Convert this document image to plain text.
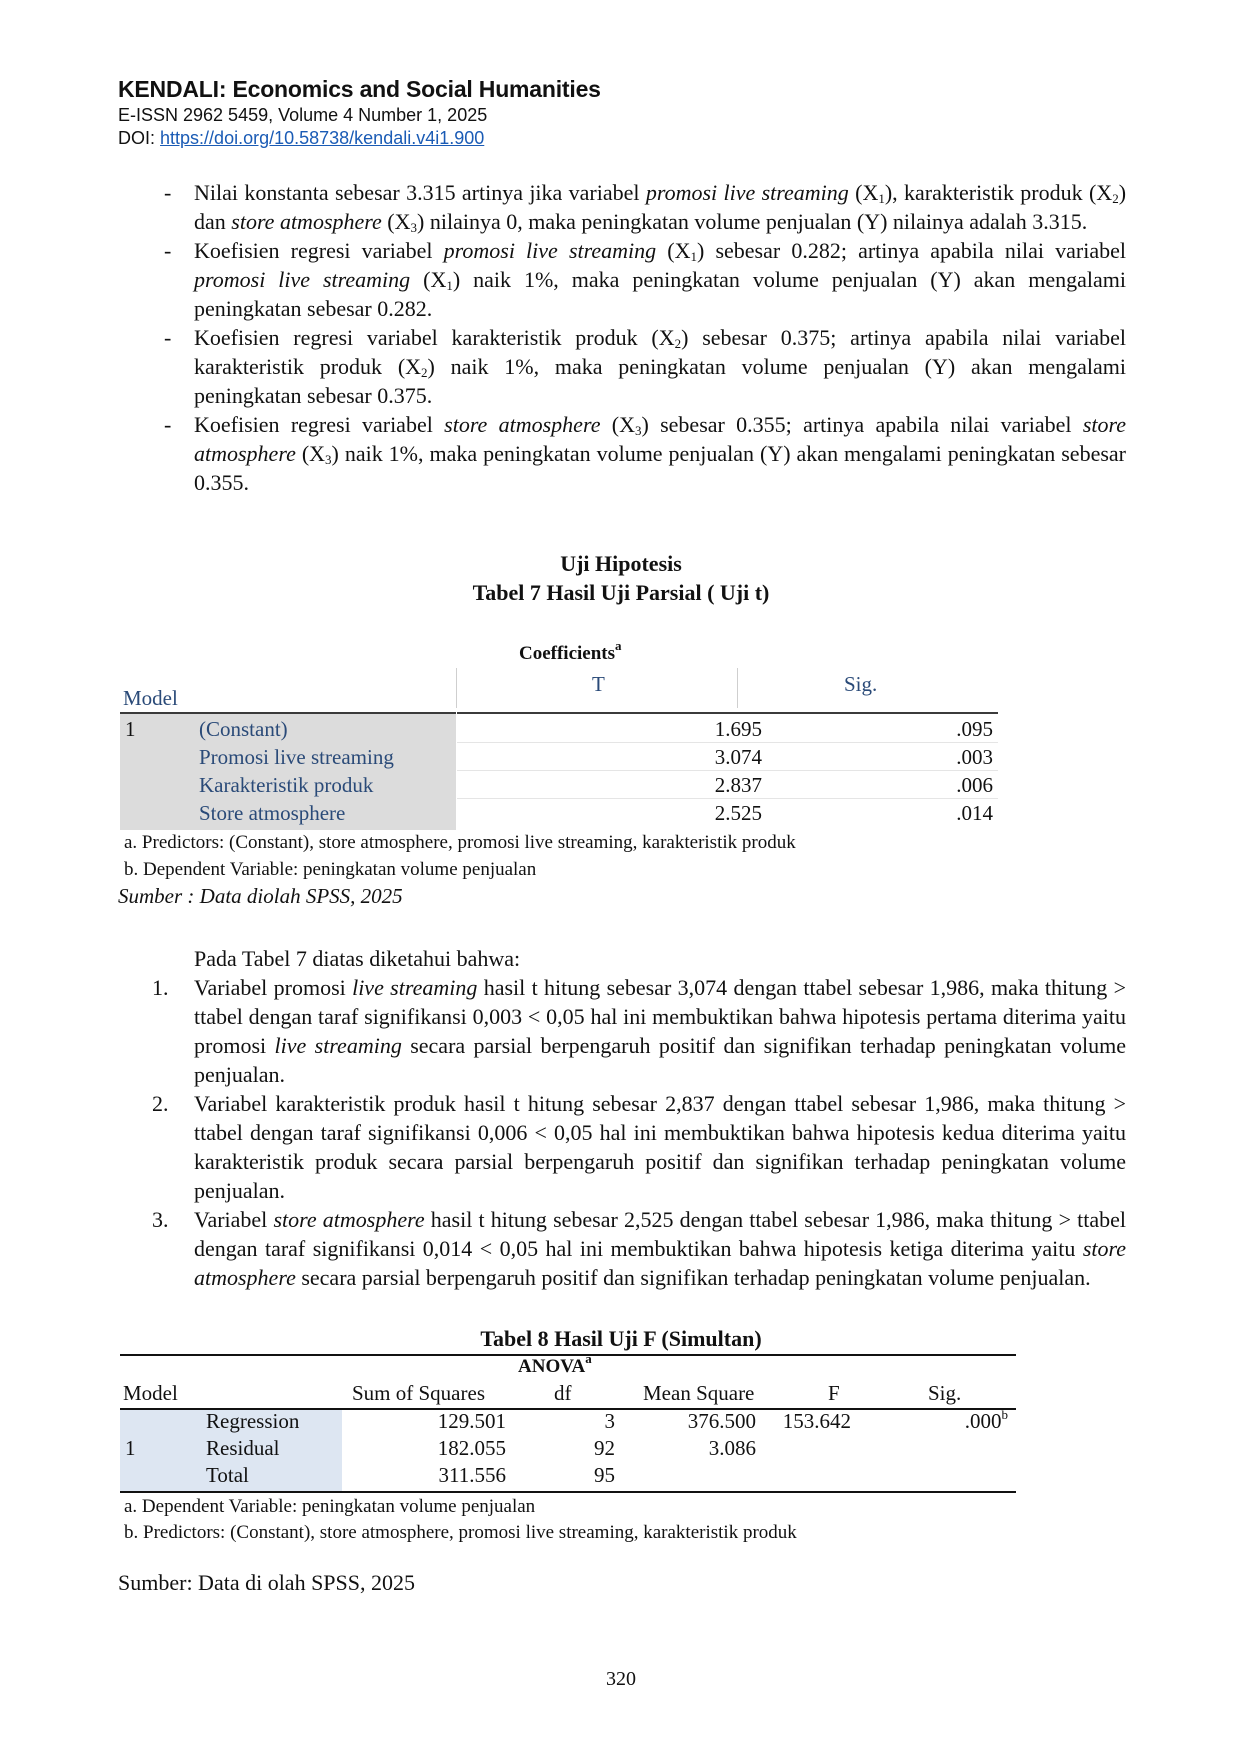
KENDALI: Economics and Social Humanities
E-ISSN 2962 5459, Volume 4 Number 1, 2025
DOI: https://doi.org/10.58738/kendali.v4i1.900
- Nilai konstanta sebesar 3.315 artinya jika variabel promosi live streaming $(X_1)$, karakteristik produk $(X_2)$ dan store atmosphere $(X_3)$ nilainya 0, maka peningkatan volume penjualan (Y) nilainya adalah 3.315.
- Koefisien regresi variabel promosi live streaming $(X_1)$ sebesar 0.282; artinya apabila nilai variabel promosi live streaming $(X_1)$ naik 1%, maka peningkatan volume penjualan (Y) akan mengalami peningkatan sebesar 0.282.
- Koefisien regresi variabel karakteristik produk $(X_2)$ sebesar 0.375; artinya apabila nilai variabel karakteristik produk $(X_2)$ naik 1%, maka peningkatan volume penjualan (Y) akan mengalami peningkatan sebesar 0.375.
- Koefisien regresi variabel store atmosphere $(X_3)$ sebesar 0.355; artinya apabila nilai variabel store atmosphere $(X_3)$ naik 1%, maka peningkatan volume penjualan (Y) akan mengalami peningkatan sebesar 0.355.
Uji Hipotesis
Tabel 7 Hasil Uji Parsial ( Uji t)
Coefficients$^a$
T	Sig.
Model
1	(Constant)	1.695	.095
Promosi live streaming	3.074	.003
Karakteristik produk	2.837	.006
Store atmosphere	2.525	.014
a. Predictors: (Constant), store atmosphere, promosi live streaming, karakteristik produk
b. Dependent Variable: peningkatan volume penjualan
Sumber : Data diolah SPSS, 2025
Pada Tabel 7 diatas diketahui bahwa:
1. Variabel promosi live streaming hasil t hitung sebesar 3,074 dengan ttabel sebesar 1,986, maka thitung > ttabel dengan taraf signifikansi 0,003 < 0,05 hal ini membuktikan bahwa hipotesis pertama diterima yaitu promosi live streaming secara parsial berpengaruh positif dan signifikan terhadap peningkatan volume penjualan.
2. Variabel karakteristik produk hasil t hitung sebesar 2,837 dengan ttabel sebesar 1,986, maka thitung > ttabel dengan taraf signifikansi 0,006 < 0,05 hal ini membuktikan bahwa hipotesis kedua diterima yaitu karakteristik produk secara parsial berpengaruh positif dan signifikan terhadap peningkatan volume penjualan.
3. Variabel store atmosphere hasil t hitung sebesar 2,525 dengan ttabel sebesar 1,986, maka thitung > ttabel dengan taraf signifikansi 0,014 < 0,05 hal ini membuktikan bahwa hipotesis ketiga diterima yaitu store atmosphere secara parsial berpengaruh positif dan signifikan terhadap peningkatan volume penjualan.
Tabel 8 Hasil Uji F (Simultan)
ANOVA$^a$
Model	Sum of Squares	df	Mean Square	F	Sig.
1
Regression	129.501	3	376.500 153.642	.000$^b$
Residual	182.055	92	3.086
Total	311.556	95
a. Dependent Variable: peningkatan volume penjualan
b. Predictors: (Constant), store atmosphere, promosi live streaming, karakteristik produk
Sumber: Data di olah SPSS, 2025
320
